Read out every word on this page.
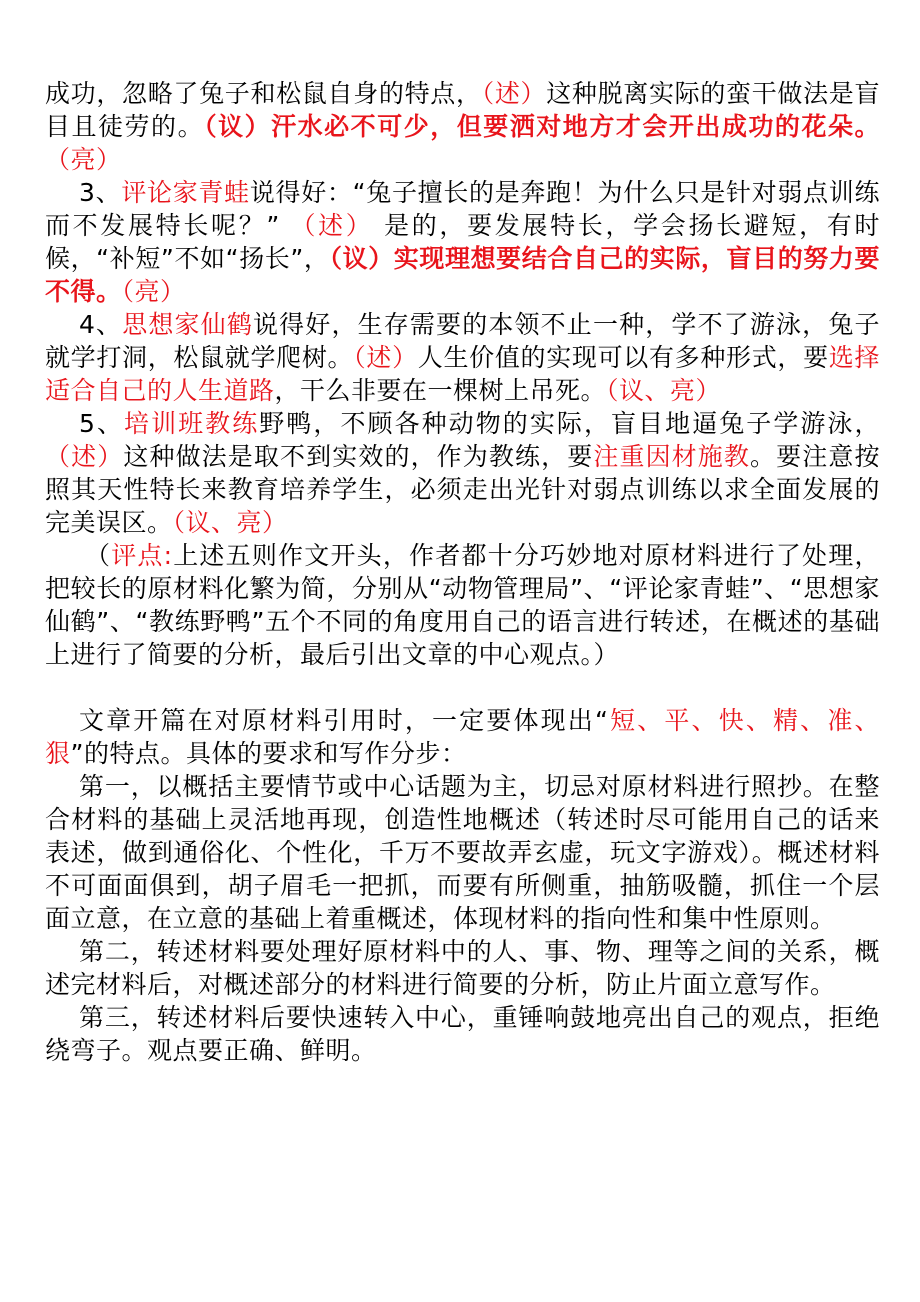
成功，忽略了兔子和松鼠自身的特点，（述）这种脱离实际的蛮干做法是盲目且徒劳的。（议）汗水必不可少，但要洒对地方才会开出成功的花朵。（亮）

3、评论家青蛙说得好：“兔子擅长的是奔跑！为什么只是针对弱点训练而不发展特长呢？” （述） 是的，要发展特长，学会扬长避短，有时候，“补短”不如“扬长”，（议）实现理想要结合自己的实际，盲目的努力要不得。（亮）

4、思想家仙鹤说得好，生存需要的本领不止一种，学不了游泳，兔子就学打洞，松鼠就学爬树。（述）人生价值的实现可以有多种形式，要选择适合自己的人生道路，干么非要在一棵树上吊死。（议、亮）

5、培训班教练野鸭，不顾各种动物的实际，盲目地逼兔子学游泳，（述）这种做法是取不到实效的，作为教练，要注重因材施教。要注意按照其天性特长来教育培养学生，必须走出光针对弱点训练以求全面发展的完美误区。（议、亮）

（评点:上述五则作文开头，作者都十分巧妙地对原材料进行了处理，把较长的原材料化繁为简，分别从“动物管理局”、“评论家青蛙”、“思想家仙鹤”、“教练野鸭”五个不同的角度用自己的语言进行转述，在概述的基础上进行了简要的分析，最后引出文章的中心观点。）

文章开篇在对原材料引用时，一定要体现出“短、平、快、精、准、狠”的特点。具体的要求和写作分步：

第一，以概括主要情节或中心话题为主，切忌对原材料进行照抄。在整合材料的基础上灵活地再现，创造性地概述（转述时尽可能用自己的话来表述，做到通俗化、个性化，千万不要故弄玄虚，玩文字游戏）。概述材料不可面面俱到，胡子眉毛一把抓，而要有所侧重，抽筋吸髓，抓住一个层面立意，在立意的基础上着重概述，体现材料的指向性和集中性原则。

第二，转述材料要处理好原材料中的人、事、物、理等之间的关系，概述完材料后，对概述部分的材料进行简要的分析，防止片面立意写作。

第三，转述材料后要快速转入中心，重锤响鼓地亮出自己的观点，拒绝绕弯子。观点要正确、鲜明。
